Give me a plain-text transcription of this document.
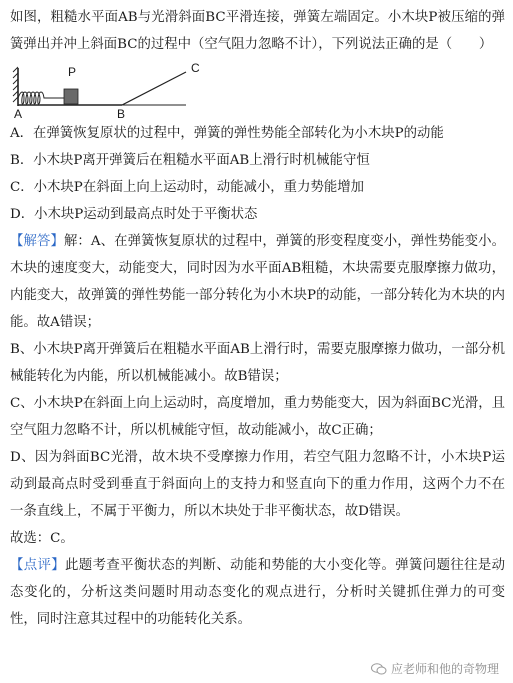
如图，粗糙水平面AB与光滑斜面BC平滑连接，弹簧左端固定。小木块P被压缩的弹簧弹出并冲上斜面BC的过程中（空气阻力忽略不计），下列说法正确的是（　　）

P
A	B
C

A．在弹簧恢复原状的过程中，弹簧的弹性势能全部转化为小木块P的动能

B．小木块P离开弹簧后在粗糙水平面AB上滑行时机械能守恒

C．小木块P在斜面上向上运动时，动能减小，重力势能增加

D．小木块P运动到最高点时处于平衡状态

【解答】解：A、在弹簧恢复原状的过程中，弹簧的形变程度变小，弹性势能变小。木块的速度变大，动能变大，同时因为水平面AB粗糙，木块需要克服摩擦力做功，内能变大，故弹簧的弹性势能一部分转化为小木块P的动能，一部分转化为木块的内能。故A错误；

B、小木块P离开弹簧后在粗糙水平面AB上滑行时，需要克服摩擦力做功，一部分机械能转化为内能，所以机械能减小。故B错误；

C、小木块P在斜面上向上运动时，高度增加，重力势能变大，因为斜面BC光滑，且空气阻力忽略不计，所以机械能守恒，故动能减小，故C正确；

D、因为斜面BC光滑，故木块不受摩擦力作用，若空气阻力忽略不计，小木块P运动到最高点时受到垂直于斜面向上的支持力和竖直向下的重力作用，这两个力不在一条直线上，不属于平衡力，所以木块处于非平衡状态，故D错误。

故选：C。

【点评】此题考查平衡状态的判断、动能和势能的大小变化等。弹簧问题往往是动态变化的，分析这类问题时用动态变化的观点进行，分析时关键抓住弹力的可变性，同时注意其过程中的功能转化关系。

应老师和他的奇物理
